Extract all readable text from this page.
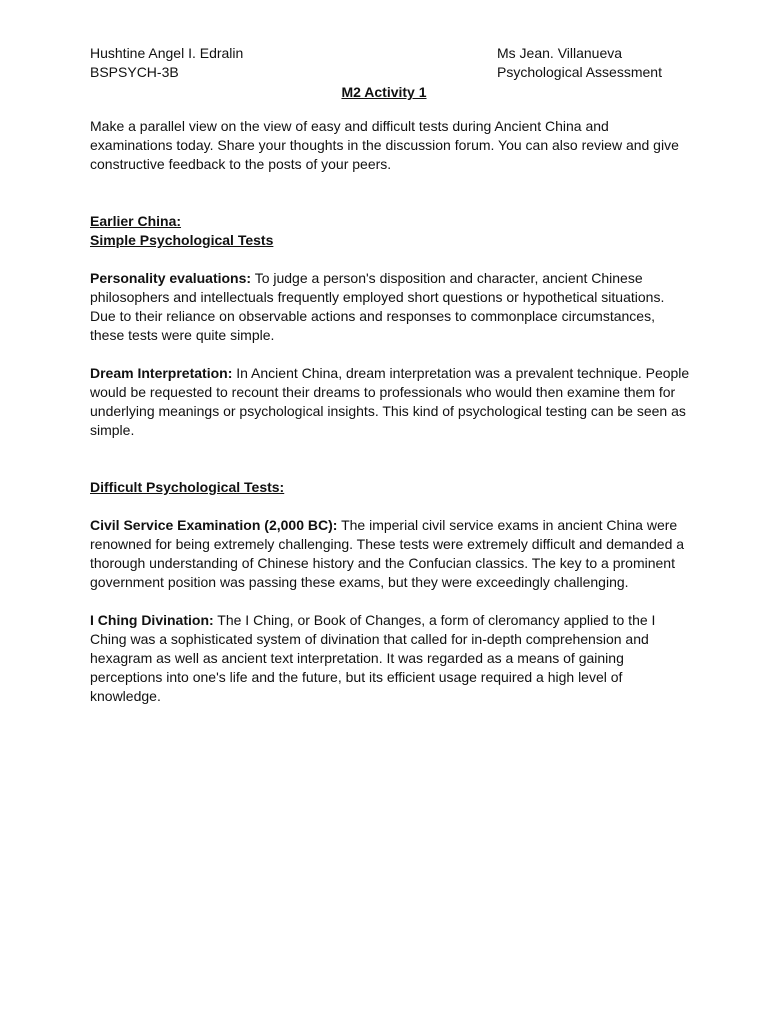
Hushtine Angel I. Edralin	Ms Jean. Villanueva
BSPSYCH-3B	Psychological Assessment
M2 Activity 1

Make a parallel view on the view of easy and difficult tests during Ancient China and examinations today. Share your thoughts in the discussion forum. You can also review and give constructive feedback to the posts of your peers.

Earlier China:
Simple Psychological Tests

Personality evaluations: To judge a person's disposition and character, ancient Chinese philosophers and intellectuals frequently employed short questions or hypothetical situations. Due to their reliance on observable actions and responses to commonplace circumstances, these tests were quite simple.

Dream Interpretation: In Ancient China, dream interpretation was a prevalent technique. People would be requested to recount their dreams to professionals who would then examine them for underlying meanings or psychological insights. This kind of psychological testing can be seen as simple.

Difficult Psychological Tests:

Civil Service Examination (2,000 BC): The imperial civil service exams in ancient China were renowned for being extremely challenging. These tests were extremely difficult and demanded a thorough understanding of Chinese history and the Confucian classics. The key to a prominent government position was passing these exams, but they were exceedingly challenging.

I Ching Divination: The I Ching, or Book of Changes, a form of cleromancy applied to the I Ching was a sophisticated system of divination that called for in-depth comprehension and hexagram as well as ancient text interpretation. It was regarded as a means of gaining perceptions into one's life and the future, but its efficient usage required a high level of knowledge.
